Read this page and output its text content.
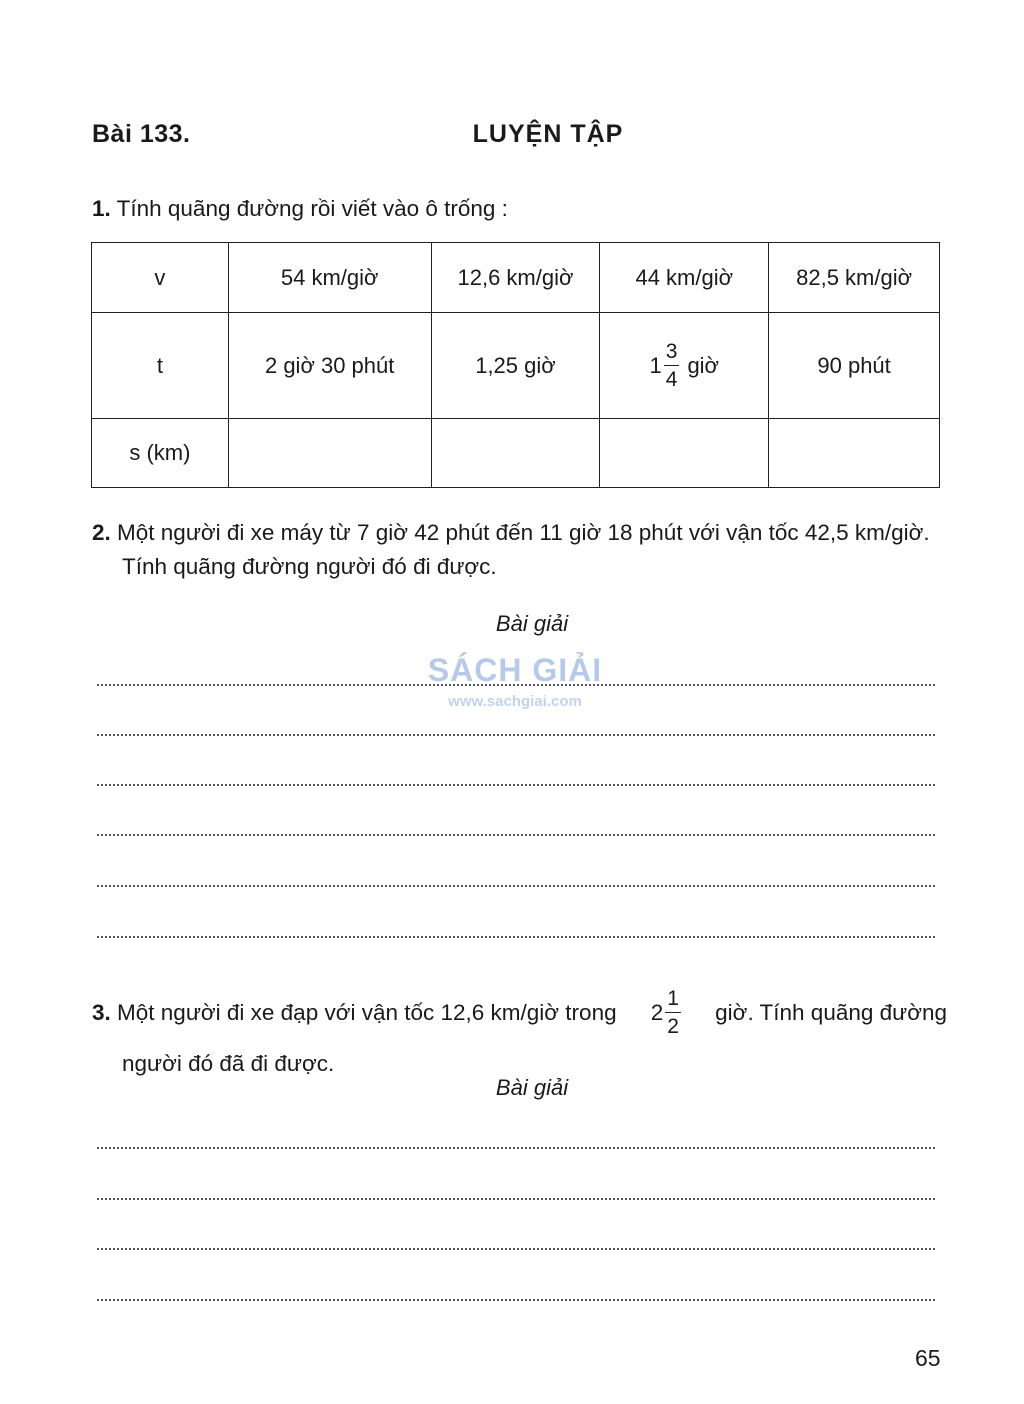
Bài 133.	LUYỆN TẬP
1. Tính quãng đường rồi viết vào ô trống :
v	54 km/giờ	12,6 km/giờ	44 km/giờ	82,5 km/giờ
t	2 giờ 30 phút	1,25 giờ	$1 \frac{3}{4}$ giờ	90 phút
s (km)				
2. Một người đi xe máy từ 7 giờ 42 phút đến 11 giờ 18 phút với vận tốc 42,5 km/giờ.
Tính quãng đường người đó đi được.
Bài giải
SÁCH GIẢI
www.sachgiai.com
3. Một người đi xe đạp với vận tốc 12,6 km/giờ trong $2 \frac{1}{2}$ giờ. Tính quãng đường
người đó đã đi được.
Bài giải
65
